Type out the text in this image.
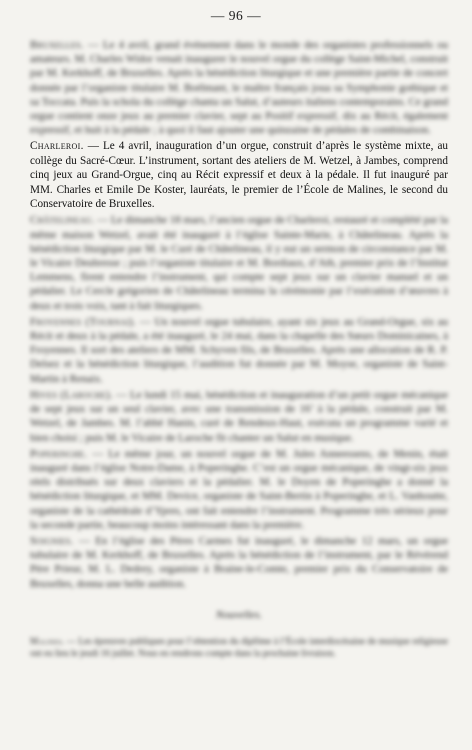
— 96 —

Bruxelles. — Le 4 avril, grand événement dans le monde des organistes professionnels ou amateurs. M. Charles Widor venait inaugurer le nouvel orgue du collège Saint-Michel, construit par M. Kerkhoff, de Bruxelles. Après la bénédiction liturgique et une première partie de concert donnée par l’organiste titulaire M. Boélmant, le maître français joua sa Symphonie gothique et sa Toccata. Puis la schola du collège chanta un Salut, d’auteurs italiens contemporains. Ce grand orgue contient onze jeux au premier clavier, sept au Positif expressif, dix au Récit, également expressif, et huit à la pédale ; à quoi il faut ajouter une quinzaine de pédales de combinaison.

Charleroi. — Le 4 avril, inauguration d’un orgue, construit d’après le système mixte, au collège du Sacré-Cœur. L’instrument, sortant des ateliers de M. Wetzel, à Jambes, comprend cinq jeux au Grand-Orgue, cinq au Récit expressif et deux à la pédale. Il fut inauguré par MM. Charles et Emile De Koster, lauréats, le premier de l’École de Malines, le second du Conservatoire de Bruxelles.

Châtelineau. — Le dimanche 18 mars, l’ancien orgue de Charleroi, restauré et complété par la même maison Wetzel, avait été inauguré à l’église Sainte-Marie, à Châtelineau. Après la bénédiction liturgique par M. le Curé de Châtelineau, il y eut un sermon de circonstance par M. le Vicaire Deubresse ; puis l’organiste titulaire et M. Bordiaux, d’Ath, premier prix de l’Institut Lemmens, firent entendre l’instrument, qui compte sept jeux sur un clavier manuel et un pédalier. Le Cercle grégorien de Châtelineau termina la cérémonie par l’exécution d’œuvres à deux et trois voix, tant à fait liturgiques.

Froyennes (Tournai). — Un nouvel orgue tubulaire, ayant six jeux au Grand-Orgue, six au Récit et deux à la pédale, a été inauguré, le 24 mai, dans la chapelle des Sœurs Dominicaines, à Froyennes. Il sort des ateliers de MM. Schyven fils, de Bruxelles. Après une allocution de R. P. Delsez et la bénédiction liturgique, l’audition fut donnée par M. Moyse, organiste de Saint-Martin à Renaix.

Hives (Laroche). — Le lundi 15 mai, bénédiction et inauguration d’un petit orgue mécanique de sept jeux sur un seul clavier, avec une transmission de 16’ à la pédale, construit par M. Wetzel, de Jambes. M. l’abbé Hanin, curé de Rendeux-Haut, exécuta un programme varié et bien choisi ; puis M. le Vicaire de Laroche fit chanter un Salut en musique.

Poperinghe. — Le même jour, un nouvel orgue de M. Jules Anneessens, de Menin, était inauguré dans l’église Notre-Dame, à Poperinghe. C’est un orgue mécanique, de vingt-six jeux réels distribués sur deux claviers et la pédalier. M. le Doyen de Poperinghe a donné la bénédiction liturgique, et MM. Device, organiste de Saint-Bertin à Poperinghe, et L. Vanhoutte, organiste de la cathédrale d’Ypres, ont fait entendre l’instrument. Programme très sérieux pour la seconde partie, beaucoup moins intéressant dans la première.

Soignies. — En l’église des Pères Carmes fut inauguré, le dimanche 12 mars, un orgue tubulaire de M. Kerkhoff, de Bruxelles. Après la bénédiction de l’instrument, par le Révérend Père Prieur, M. L. Dedrey, organiste à Braine-le-Comte, premier prix du Conservatoire de Bruxelles, donna une belle audition.

Nouvelles.

Malines. — Les épreuves publiques pour l’obtention du diplôme à l’École interdiocésaine de musique religieuse ont eu lieu le jeudi 16 juillet. Nous en rendrons compte dans la prochaine livraison.
